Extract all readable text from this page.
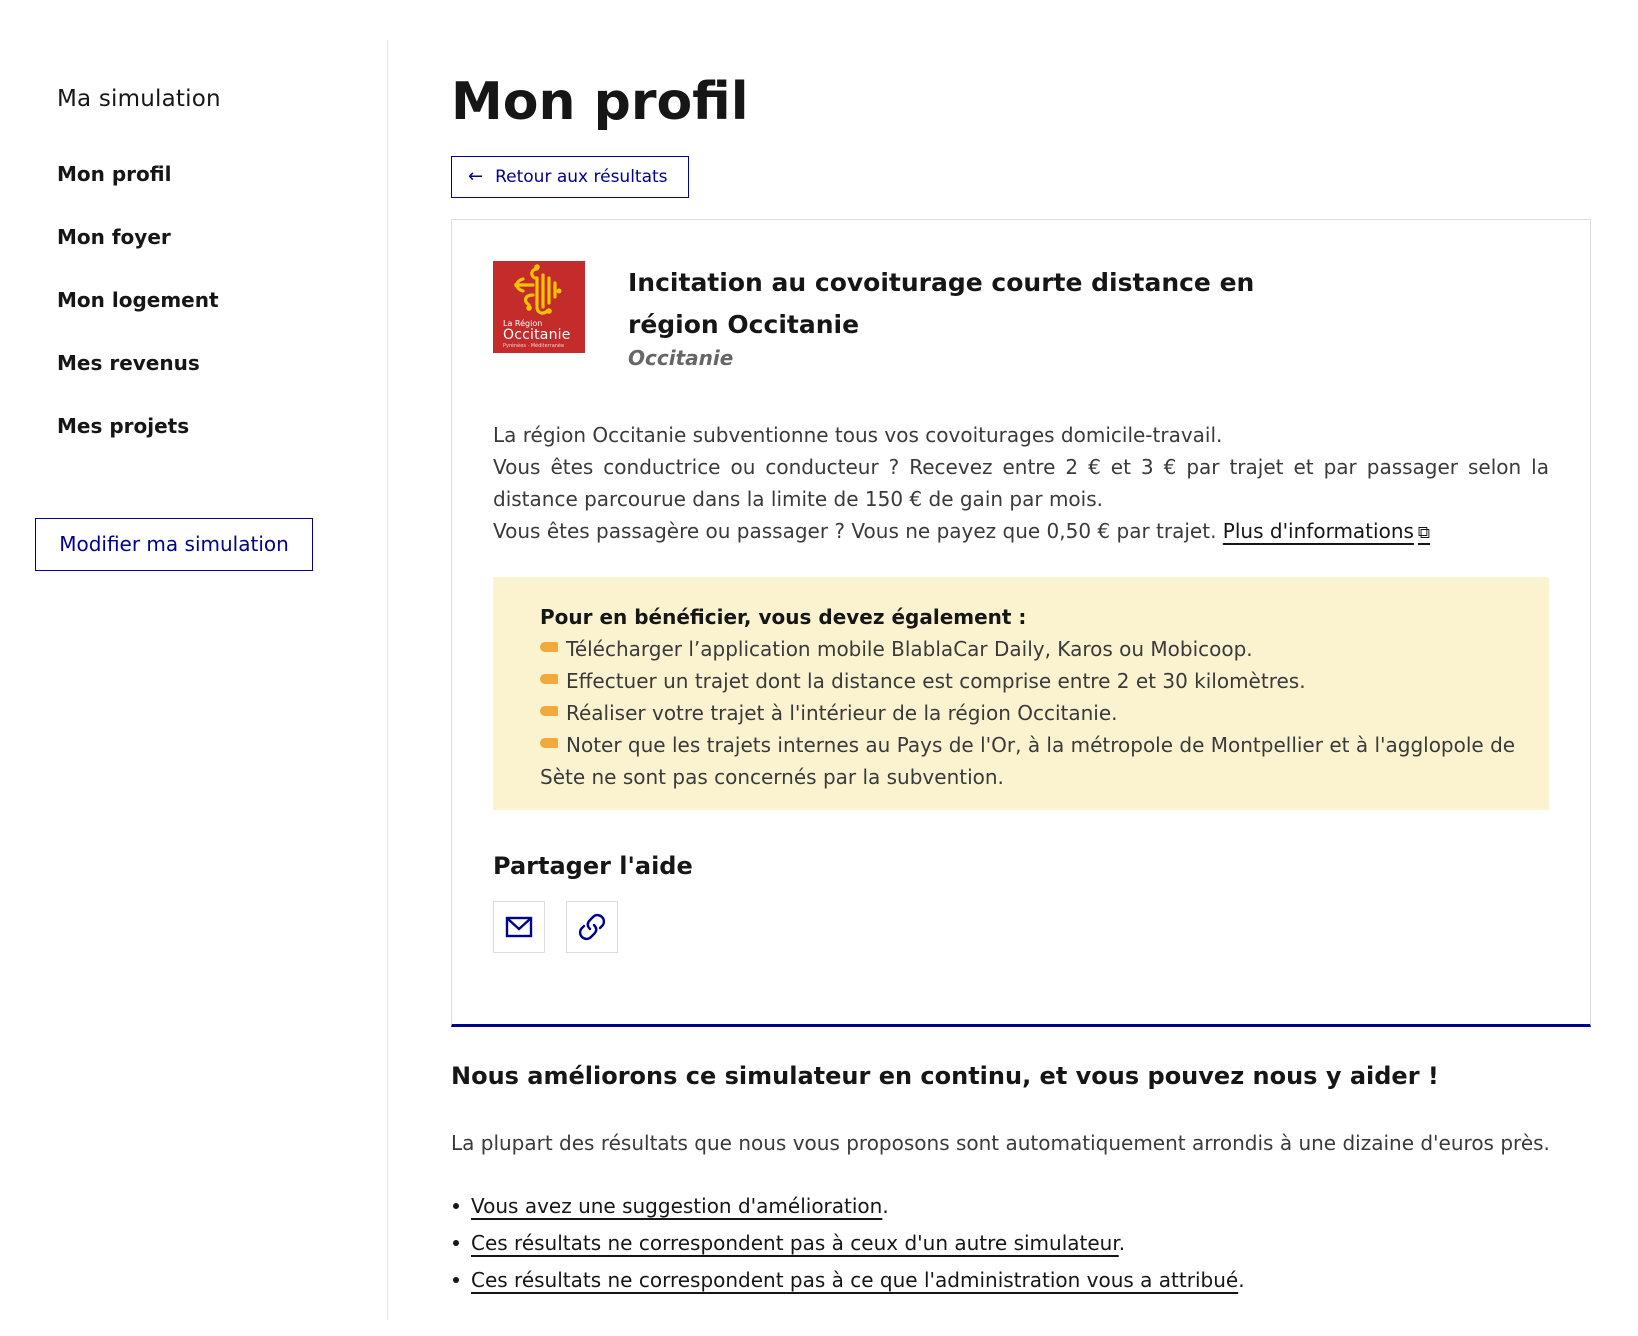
Ma simulation
Mon profil
Mon foyer
Mon logement
Mes revenus
Mes projets
Modifier ma simulation
Mon profil
← Retour aux résultats
La Région
Occitanie
Pyrénées · Méditerranée
Incitation au covoiturage courte distance en région Occitanie
Occitanie

La région Occitanie subventionne tous vos covoiturages domicile-travail.

Vous êtes conductrice ou conducteur ? Recevez entre 2 € et 3 € par trajet et par passager selon la distance parcourue dans la limite de 150 € de gain par mois.

Vous êtes passagère ou passager ? Vous ne payez que 0,50 € par trajet. Plus d'informations ⧉

Pour en bénéficier, vous devez également :
Télécharger l’application mobile BlablaCar Daily, Karos ou Mobicoop.
Effectuer un trajet dont la distance est comprise entre 2 et 30 kilomètres.
Réaliser votre trajet à l'intérieur de la région Occitanie.
Noter que les trajets internes au Pays de l'Or, à la métropole de Montpellier et à l'agglopole de Sète ne sont pas concernés par la subvention.
Partager l'aide
Nous améliorons ce simulateur en continu, et vous pouvez nous y aider !

La plupart des résultats que nous vous proposons sont automatiquement arrondis à une dizaine d'euros près.

Vous avez une suggestion d'amélioration.
Ces résultats ne correspondent pas à ceux d'un autre simulateur.
Ces résultats ne correspondent pas à ce que l'administration vous a attribué.
